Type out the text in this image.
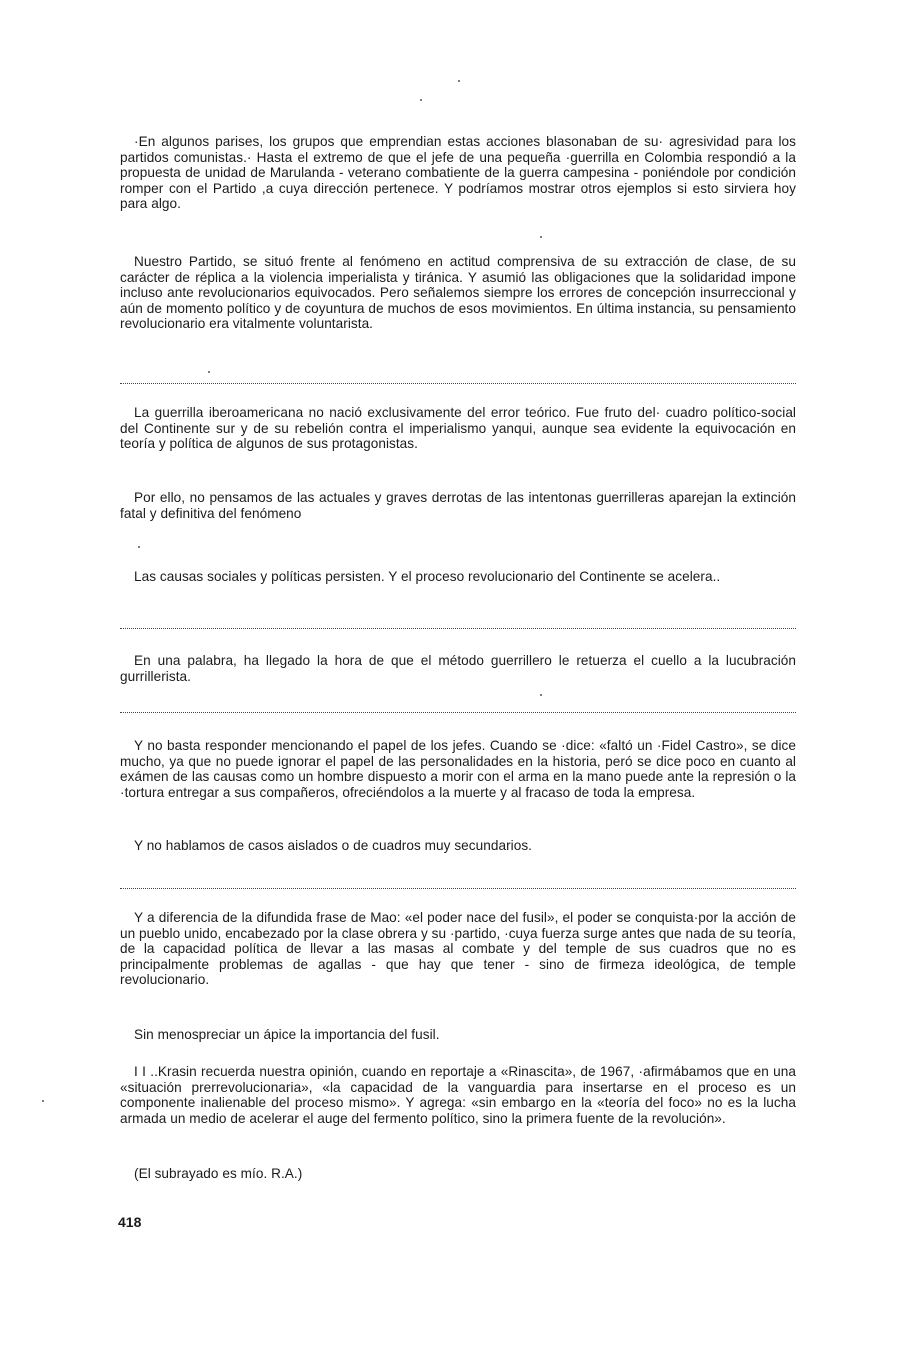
·En algunos parises, los grupos que emprendian estas acciones blasonaban de su· agresividad para los partidos comunistas.· Hasta el extremo de que el jefe de una pequeña ·guerrilla en Colombia respondió a la propuesta de unidad de Marulanda - veterano combatiente de la guerra campesina - poniéndole por condición romper con el Partido ,a cuya dirección pertenece. Y podríamos mostrar otros ejemplos si esto sirviera hoy para algo.

Nuestro Partido, se situó frente al fenómeno en actitud comprensiva de su extracción de clase, de su carácter de réplica a la violencia imperialista y tiránica. Y asumió las obligaciones que la solidaridad impone incluso ante revolucionarios equivocados. Pero señalemos siempre los errores de concepción insurreccional y aún de momento político y de coyuntura de muchos de esos movimientos. En última instancia, su pensamiento revolucionario era vitalmente voluntarista.

La guerrilla iberoamericana no nació exclusivamente del error teórico. Fue fruto del· cuadro político-social del Continente sur y de su rebelión contra el imperialismo yanqui, aunque sea evidente la equivocación en teoría y política de algunos de sus protagonistas.

Por ello, no pensamos de las actuales y graves derrotas de las intentonas guerrilleras aparejan la extinción fatal y definitiva del fenómeno

Las causas sociales y políticas persisten. Y el proceso revolucionario del Continente se acelera..

En una palabra, ha llegado la hora de que el método guerrillero le retuerza el cuello a la lucubración gurrillerista.

Y no basta responder mencionando el papel de los jefes. Cuando se ·dice: «faltó un ·Fidel Castro», se dice mucho, ya que no puede ignorar el papel de las personalidades en la historia, peró se dice poco en cuanto al exámen de las causas como un hombre dispuesto a morir con el arma en la mano puede ante la represión o la ·tortura entregar a sus compañeros, ofreciéndolos a la muerte y al fracaso de toda la empresa.

Y no hablamos de casos aislados o de cuadros muy secundarios.

Y a diferencia de la difundida frase de Mao: «el poder nace del fusil», el poder se conquista·por la acción de un pueblo unido, encabezado por la clase obrera y su ·partido, ·cuya fuerza surge antes que nada de su teoría, de la capacidad política de llevar a las masas al combate y del temple de sus cuadros que no es principalmente problemas de agallas - que hay que tener - sino de firmeza ideológica, de temple revolucionario.

Sin menospreciar un ápice la importancia del fusil.

I I ..Krasin recuerda nuestra opinión, cuando en reportaje a «Rinascita», de 1967, ·afirmábamos que en una «situación prerrevolucionaria», «la capacidad de la vanguardia para insertarse en el proceso es un componente inalienable del proceso mismo». Y agrega: «sin embargo en la «teoría del foco» no es la lucha armada un medio de acelerar el auge del fermento político, sino la primera fuente de la revolución».

(El subrayado es mío. R.A.)

418
